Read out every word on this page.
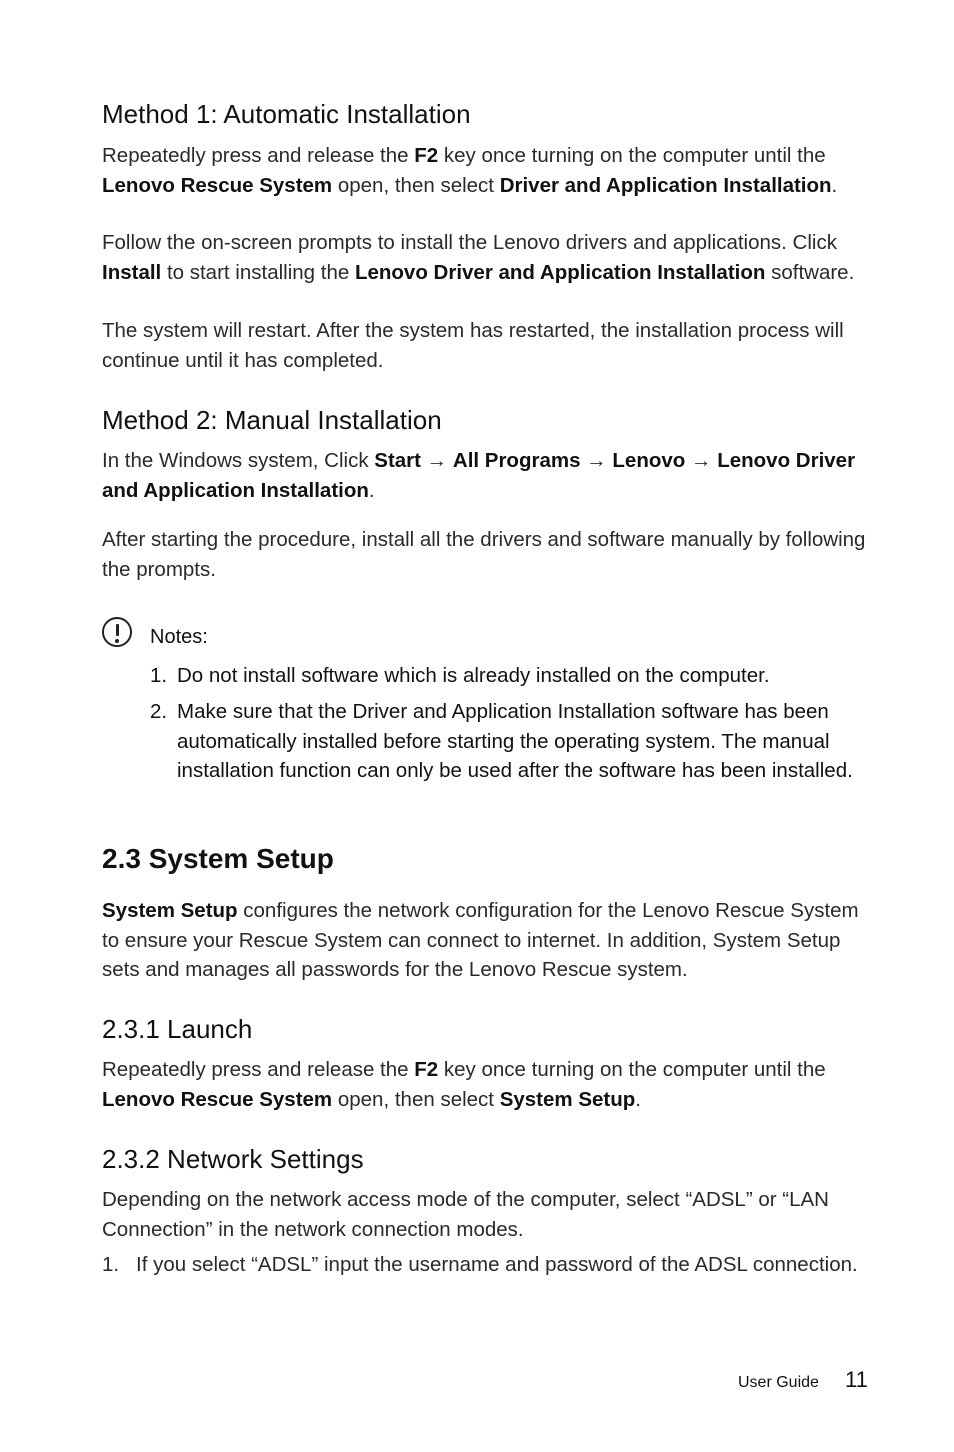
Method 1: Automatic Installation

Repeatedly press and release the F2 key once turning on the computer until the Lenovo Rescue System open, then select Driver and Application Installation.

Follow the on-screen prompts to install the Lenovo drivers and applications. Click Install to start installing the Lenovo Driver and Application Installation software.

The system will restart. After the system has restarted, the installation process will continue until it has completed.

Method 2: Manual Installation

In the Windows system, Click Start → All Programs → Lenovo → Lenovo Driver and Application Installation.

After starting the procedure, install all the drivers and software manually by following the prompts.

Notes:

1. Do not install software which is already installed on the computer.
2. Make sure that the Driver and Application Installation software has been automatically installed before starting the operating system. The manual installation function can only be used after the software has been installed.
2.3 System Setup

System Setup configures the network configuration for the Lenovo Rescue System to ensure your Rescue System can connect to internet. In addition, System Setup sets and manages all passwords for the Lenovo Rescue system.

2.3.1 Launch

Repeatedly press and release the F2 key once turning on the computer until the Lenovo Rescue System open, then select System Setup.

2.3.2 Network Settings

Depending on the network access mode of the computer, select “ADSL” or “LAN Connection” in the network connection modes.

1. If you select “ADSL” input the username and password of the ADSL connection.
User Guide 11
